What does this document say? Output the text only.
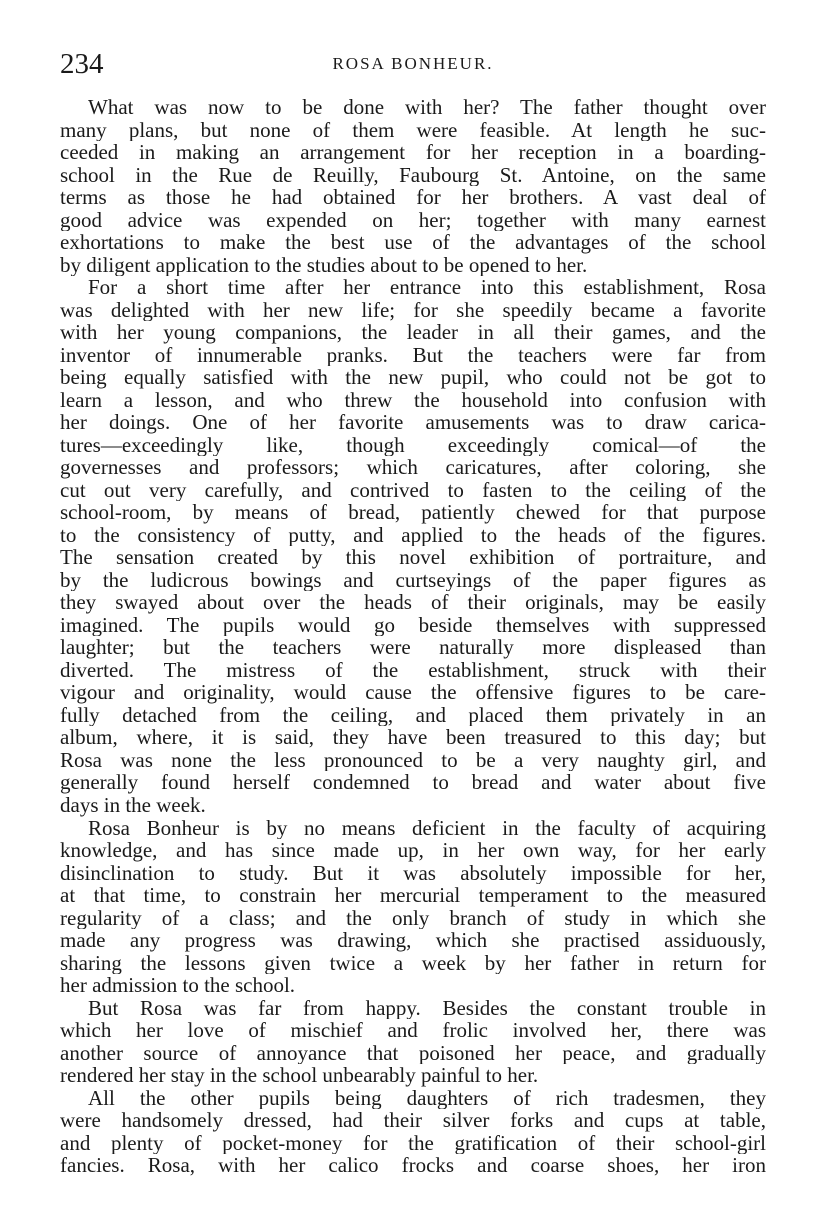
234	ROSA BONHEUR.
What was now to be done with her? The father thought over
many plans, but none of them were feasible. At length he suc-
ceeded in making an arrangement for her reception in a boarding-
school in the Rue de Reuilly, Faubourg St. Antoine, on the same
terms as those he had obtained for her brothers. A vast deal of
good advice was expended on her; together with many earnest
exhortations to make the best use of the advantages of the school
by diligent application to the studies about to be opened to her.
For a short time after her entrance into this establishment, Rosa
was delighted with her new life; for she speedily became a favorite
with her young companions, the leader in all their games, and the
inventor of innumerable pranks. But the teachers were far from
being equally satisfied with the new pupil, who could not be got to
learn a lesson, and who threw the household into confusion with
her doings. One of her favorite amusements was to draw carica-
tures—exceedingly like, though exceedingly comical—of the
governesses and professors; which caricatures, after coloring, she
cut out very carefully, and contrived to fasten to the ceiling of the
school-room, by means of bread, patiently chewed for that purpose
to the consistency of putty, and applied to the heads of the figures.
The sensation created by this novel exhibition of portraiture, and
by the ludicrous bowings and curtseyings of the paper figures as
they swayed about over the heads of their originals, may be easily
imagined. The pupils would go beside themselves with suppressed
laughter; but the teachers were naturally more displeased than
diverted. The mistress of the establishment, struck with their
vigour and originality, would cause the offensive figures to be care-
fully detached from the ceiling, and placed them privately in an
album, where, it is said, they have been treasured to this day; but
Rosa was none the less pronounced to be a very naughty girl, and
generally found herself condemned to bread and water about five
days in the week.
Rosa Bonheur is by no means deficient in the faculty of acquiring
knowledge, and has since made up, in her own way, for her early
disinclination to study. But it was absolutely impossible for her,
at that time, to constrain her mercurial temperament to the measured
regularity of a class; and the only branch of study in which she
made any progress was drawing, which she practised assiduously,
sharing the lessons given twice a week by her father in return for
her admission to the school.
But Rosa was far from happy. Besides the constant trouble in
which her love of mischief and frolic involved her, there was
another source of annoyance that poisoned her peace, and gradually
rendered her stay in the school unbearably painful to her.
All the other pupils being daughters of rich tradesmen, they
were handsomely dressed, had their silver forks and cups at table,
and plenty of pocket-money for the gratification of their school-girl
fancies. Rosa, with her calico frocks and coarse shoes, her iron
